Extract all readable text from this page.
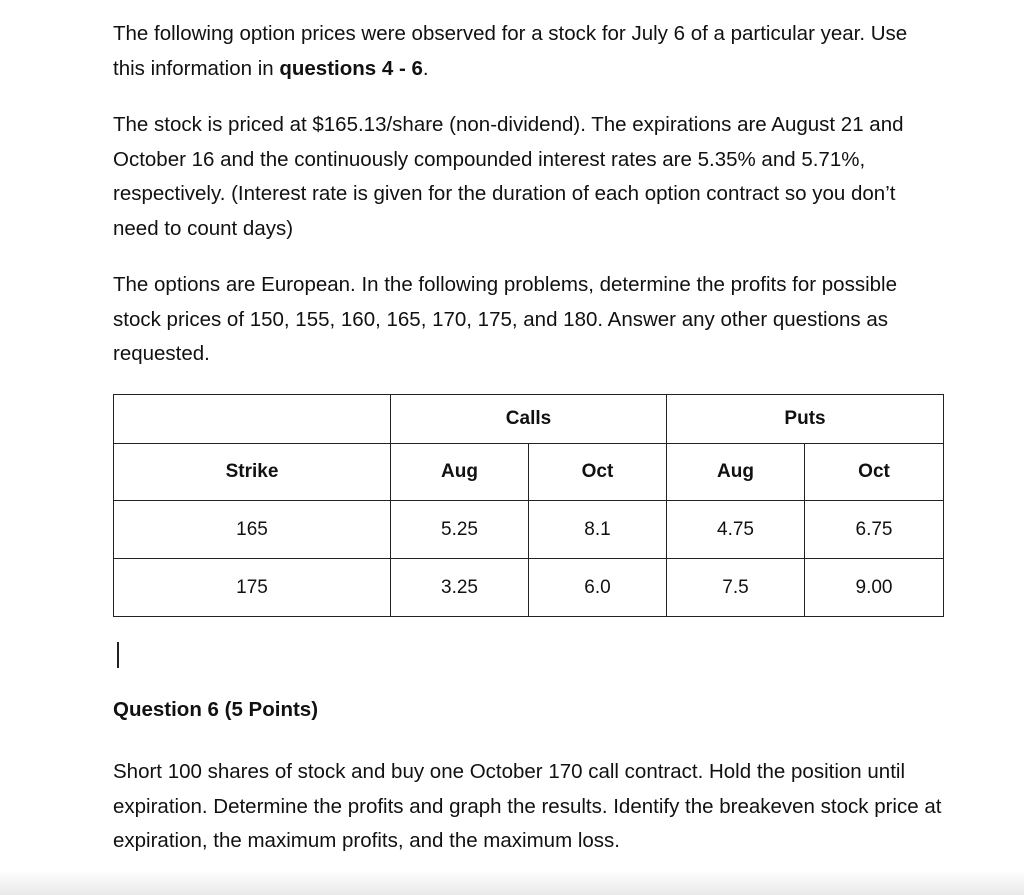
The following option prices were observed for a stock for July 6 of a particular year. Use this information in questions 4 - 6.

The stock is priced at $165.13/share (non-dividend). The expirations are August 21 and October 16 and the continuously compounded interest rates are 5.35% and 5.71%, respectively. (Interest rate is given for the duration of each option contract so you don’t need to count days)

The options are European. In the following problems, determine the profits for possible stock prices of 150, 155, 160, 165, 170, 175, and 180. Answer any other questions as requested.

	Calls		Puts	
Strike	Aug	Oct	Aug	Oct
165	5.25	8.1	4.75	6.75
175	3.25	6.0	7.5	9.00

Question 6 (5 Points)

Short 100 shares of stock and buy one October 170 call contract. Hold the position until expiration. Determine the profits and graph the results. Identify the breakeven stock price at expiration, the maximum profits, and the maximum loss.
